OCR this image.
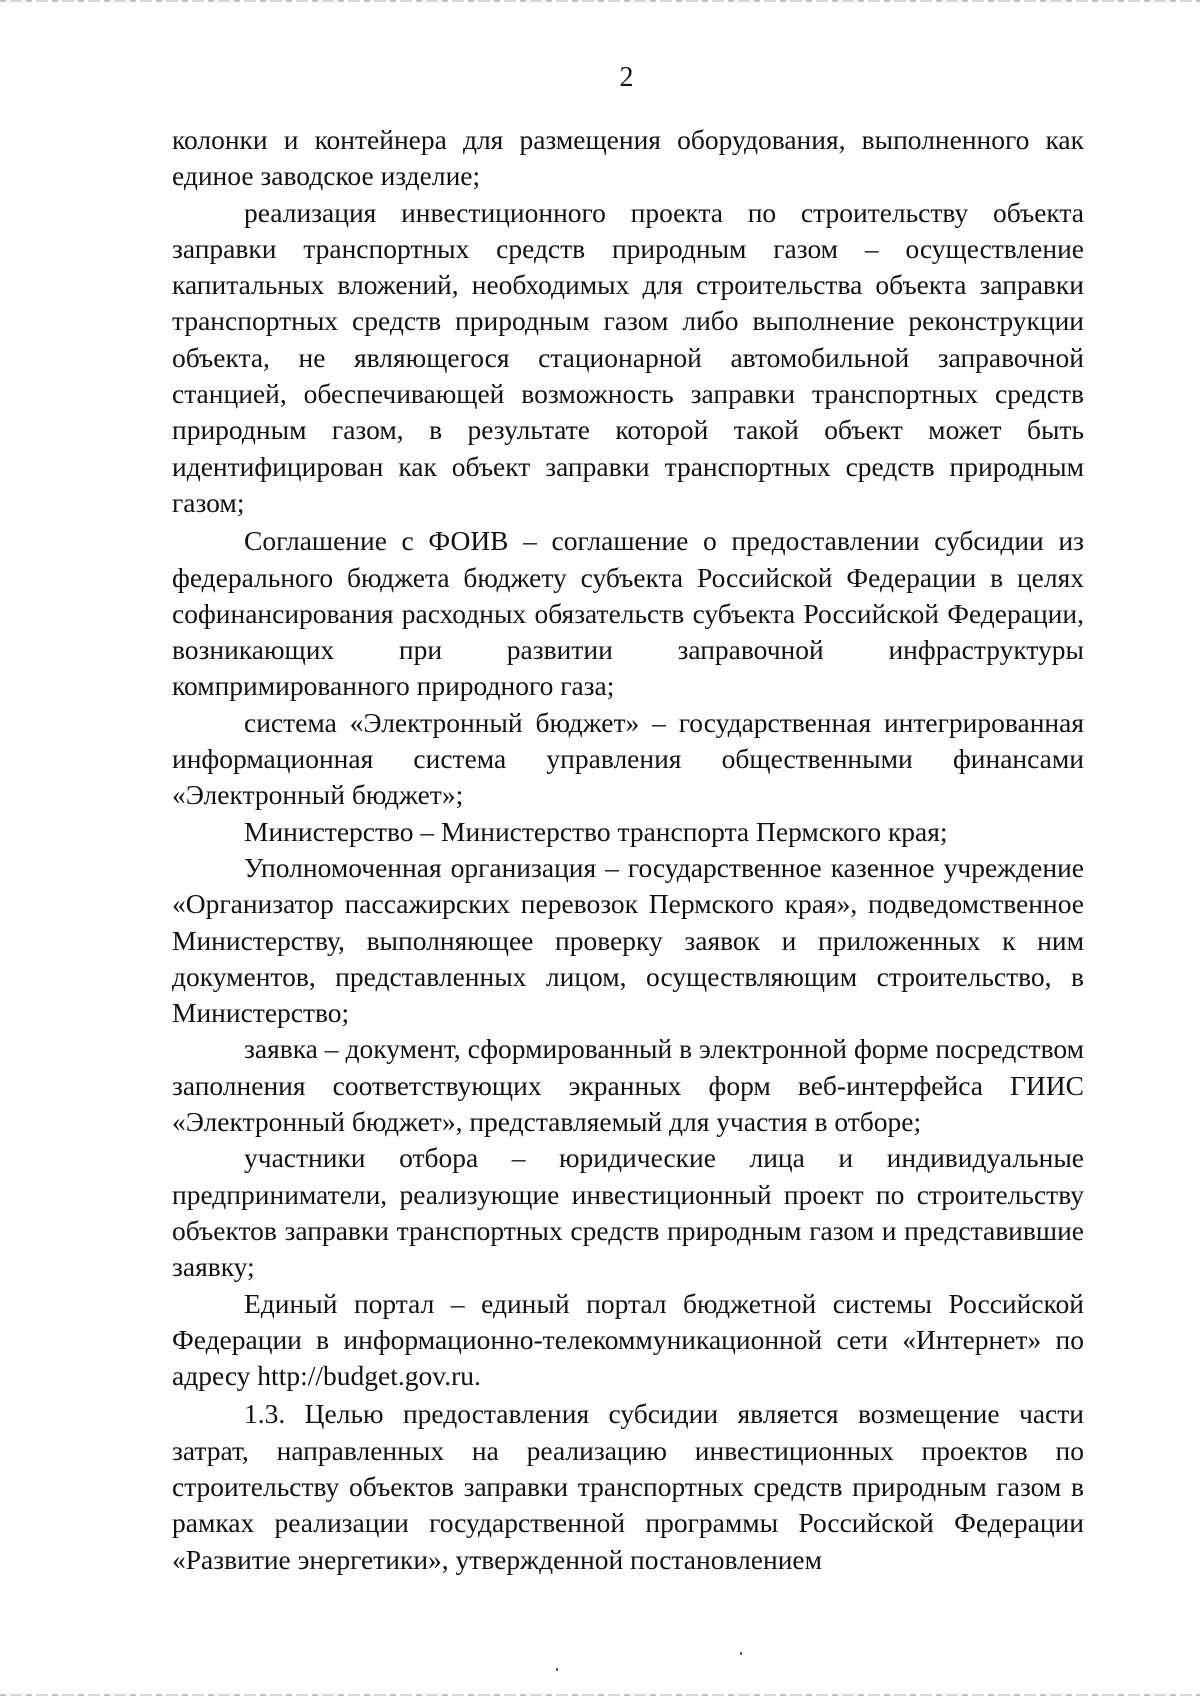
2

колонки и контейнера для размещения оборудования, выполненного как единое заводское изделие;

реализация инвестиционного проекта по строительству объекта заправки транспортных средств природным газом – осуществление капитальных вложений, необходимых для строительства объекта заправки транспортных средств природным газом либо выполнение реконструкции объекта, не являющегося стационарной автомобильной заправочной станцией, обеспечивающей возможность заправки транспортных средств природным газом, в результате которой такой объект может быть идентифицирован как объект заправки транспортных средств природным газом;

Соглашение с ФОИВ – соглашение о предоставлении субсидии из федерального бюджета бюджету субъекта Российской Федерации в целях софинансирования расходных обязательств субъекта Российской Федерации, возникающих при развитии заправочной инфраструктуры компримированного природного газа;

система «Электронный бюджет» – государственная интегрированная информационная система управления общественными финансами «Электронный бюджет»;

Министерство – Министерство транспорта Пермского края;

Уполномоченная организация – государственное казенное учреждение «Организатор пассажирских перевозок Пермского края», подведомственное Министерству, выполняющее проверку заявок и приложенных к ним документов, представленных лицом, осуществляющим строительство, в Министерство;

заявка – документ, сформированный в электронной форме посредством заполнения соответствующих экранных форм веб-интерфейса ГИИС «Электронный бюджет», представляемый для участия в отборе;

участники отбора – юридические лица и индивидуальные предприниматели, реализующие инвестиционный проект по строительству объектов заправки транспортных средств природным газом и представившие заявку;

Единый портал – единый портал бюджетной системы Российской Федерации в информационно-телекоммуникационной сети «Интернет» по адресу http://budget.gov.ru.

1.3. Целью предоставления субсидии является возмещение части затрат, направленных на реализацию инвестиционных проектов по строительству объектов заправки транспортных средств природным газом в рамках реализации государственной программы Российской Федерации «Развитие энергетики», утвержденной постановлением
